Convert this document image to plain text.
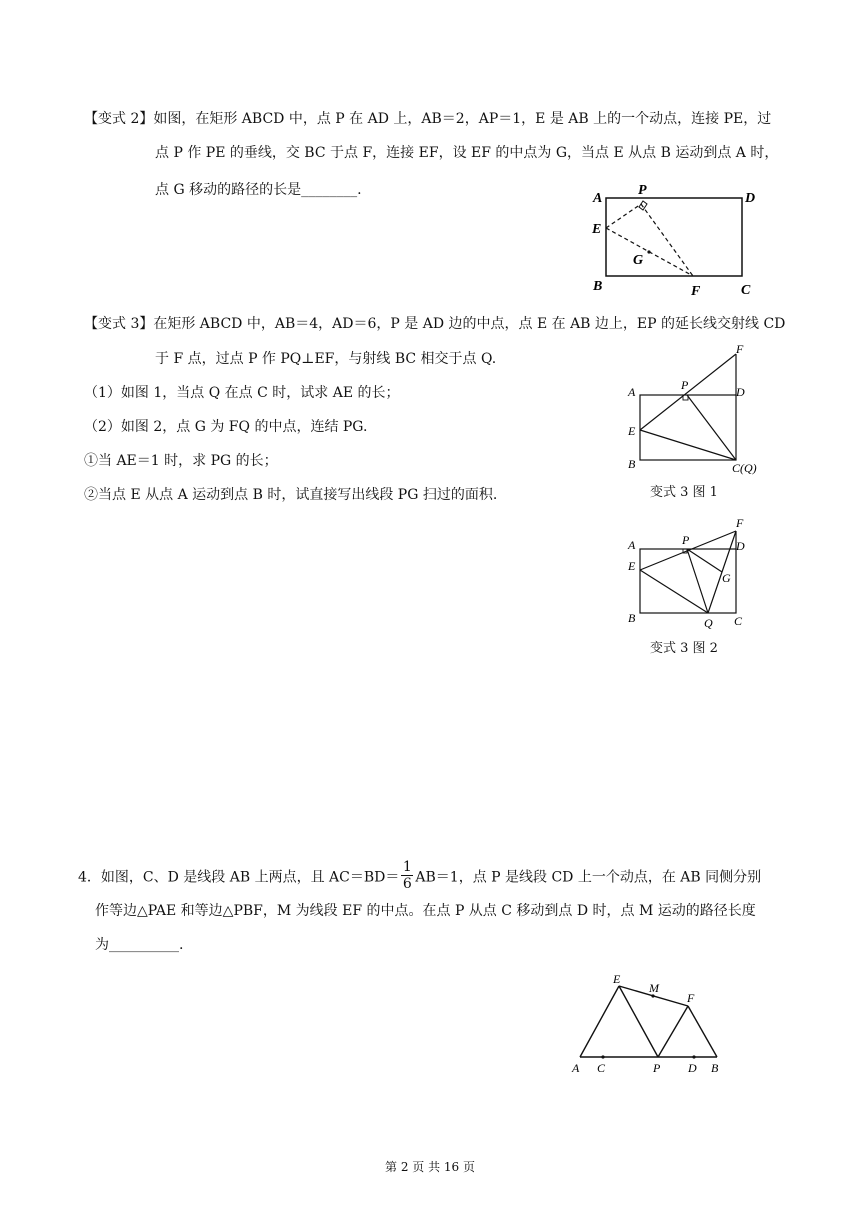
【变式 2】如图，在矩形 ABCD 中，点 P 在 AD 上，AB＝2，AP＝1，E 是 AB 上的一个动点，连接 PE，过
点 P 作 PE 的垂线，交 BC 于点 F，连接 EF，设 EF 的中点为 G，当点 E 从点 B 运动到点 A 时，
点 G 移动的路径的长是________.
A
P
D
E
G
B	F	C
【变式 3】在矩形 ABCD 中，AB＝4，AD＝6，P 是 AD 边的中点，点 E 在 AB 边上，EP 的延长线交射线 CD
于 F 点，过点 P 作 PQ⊥EF，与射线 BC 相交于点 Q.
（1）如图 1，当点 Q 在点 C 时，试求 AE 的长；
（2）如图 2，点 G 为 FQ 的中点，连结 PG.
①当 AE＝1 时，求 PG 的长；
②当点 E 从点 A 运动到点 B 时，试直接写出线段 PG 扫过的面积.
F
A	P	D
E
B	C(Q)
变式 3 图 1
F
A	P	D
E
G
B	Q C
变式 3 图 2
4．如图，C、D 是线段 AB 上两点，且 $AC=BD= \frac{1}{6} AB=1$，点 P 是线段 CD 上一个动点，在 AB 同侧分别
作等边△PAE 和等边△PBF，M 为线段 EF 的中点。在点 P 从点 C 移动到点 D 时，点 M 运动的路径长度
为__________.
E
M
F
A C	P D B
第 2 页 共 16 页
